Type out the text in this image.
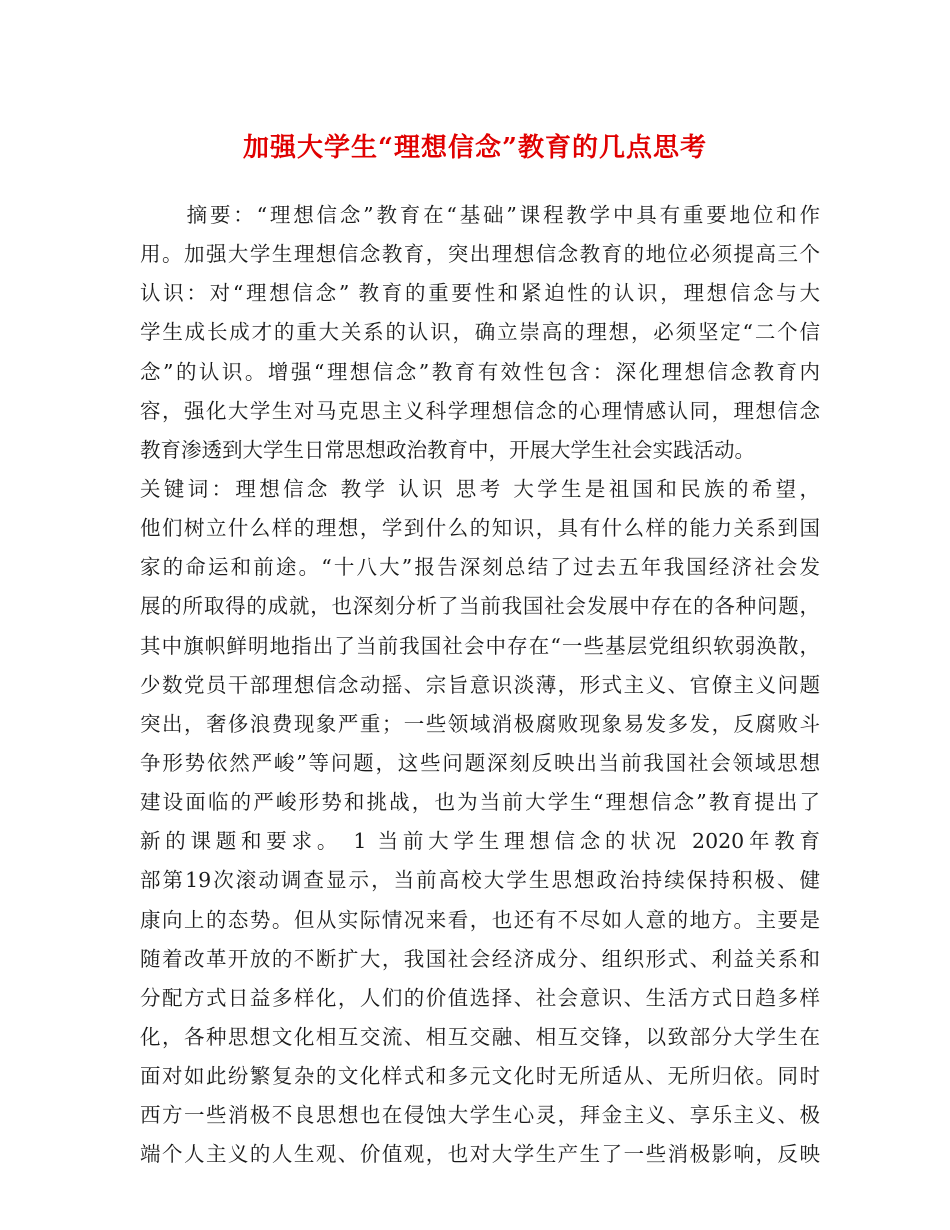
加强大学生“理想信念”教育的几点思考
　　摘要：“理想信念”教育在“基础”课程教学中具有重要地位和作
用。加强大学生理想信念教育，突出理想信念教育的地位必须提高三个
认识：对“理想信念” 教育的重要性和紧迫性的认识，理想信念与大
学生成长成才的重大关系的认识，确立崇高的理想，必须坚定“二个信
念”的认识。增强“理想信念”教育有效性包含：深化理想信念教育内
容，强化大学生对马克思主义科学理想信念的心理情感认同，理想信念
教育渗透到大学生日常思想政治教育中，开展大学生社会实践活动。
关键词：理想信念 教学 认识 思考 大学生是祖国和民族的希望，
他们树立什么样的理想，学到什么的知识，具有什么样的能力关系到国
家的命运和前途。“十八大”报告深刻总结了过去五年我国经济社会发
展的所取得的成就，也深刻分析了当前我国社会发展中存在的各种问题，
其中旗帜鲜明地指出了当前我国社会中存在“一些基层党组织软弱涣散，
少数党员干部理想信念动摇、宗旨意识淡薄，形式主义、官僚主义问题
突出，奢侈浪费现象严重；一些领域消极腐败现象易发多发，反腐败斗
争形势依然严峻”等问题，这些问题深刻反映出当前我国社会领域思想
建设面临的严峻形势和挑战，也为当前大学生“理想信念”教育提出了
新的课题和要求。 1 当前大学生理想信念的状况 2020年教育
部第19次滚动调查显示，当前高校大学生思想政治持续保持积极、健
康向上的态势。但从实际情况来看，也还有不尽如人意的地方。主要是
随着改革开放的不断扩大，我国社会经济成分、组织形式、利益关系和
分配方式日益多样化，人们的价值选择、社会意识、生活方式日趋多样
化，各种思想文化相互交流、相互交融、相互交锋，以致部分大学生在
面对如此纷繁复杂的文化样式和多元文化时无所适从、无所归依。同时
西方一些消极不良思想也在侵蚀大学生心灵，拜金主义、享乐主义、极
端个人主义的人生观、价值观，也对大学生产生了一些消极影响，反映
